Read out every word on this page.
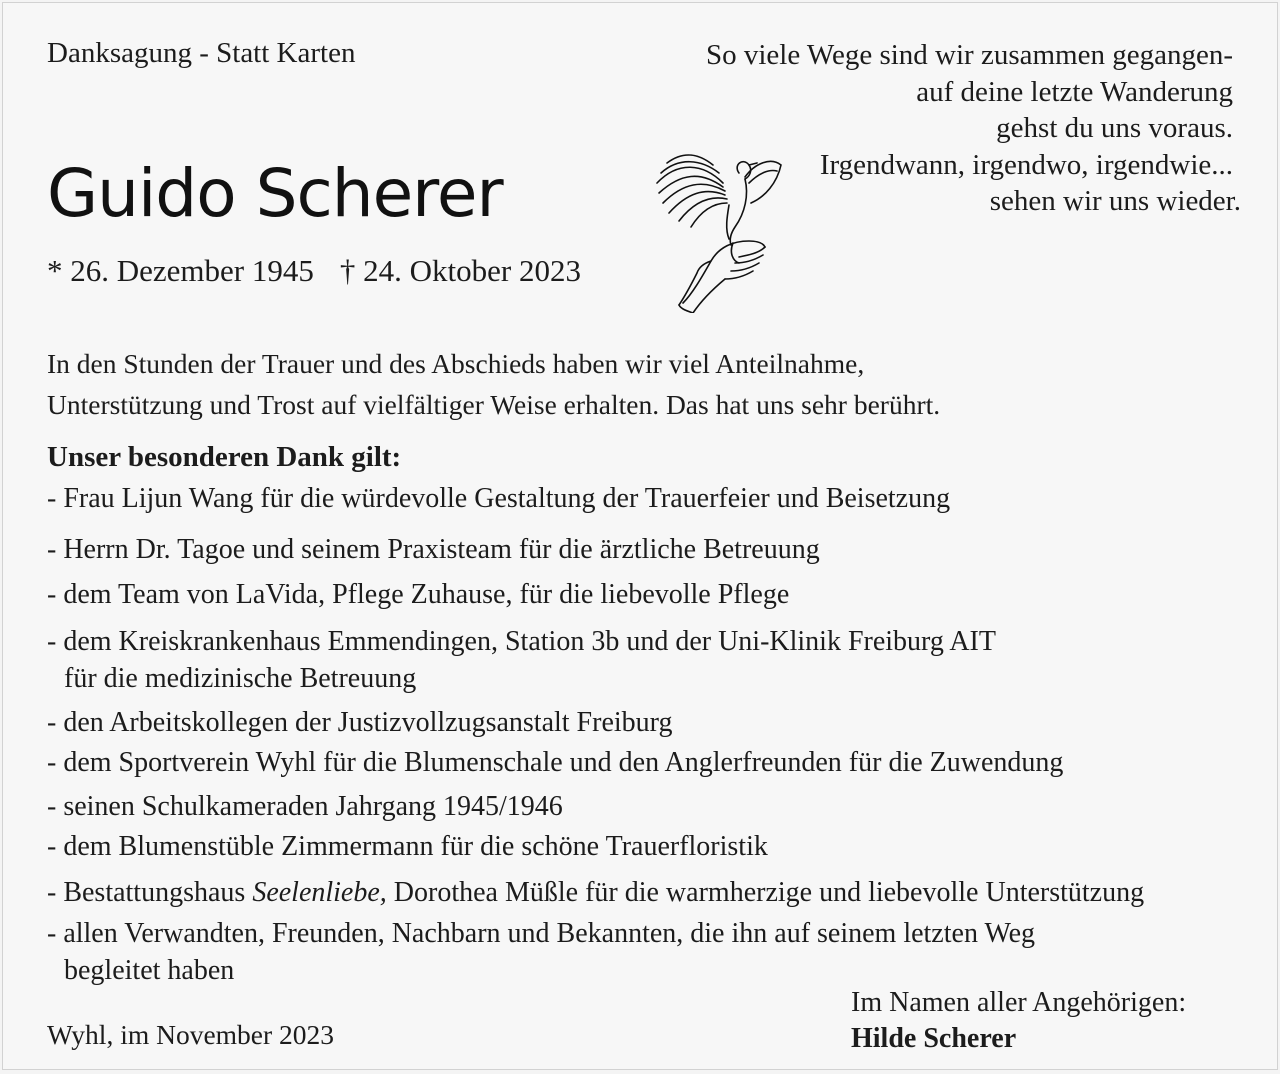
Danksagung - Statt Karten	So viele Wege sind wir zusammen gegangen-
auf deine letzte Wanderung
gehst du uns voraus.
Irgendwann, irgendwo, irgendwie...
sehen wir uns wieder.
Guido Scherer
* 26. Dezember 1945 † 24. Oktober 2023
In den Stunden der Trauer und des Abschieds haben wir viel Anteilnahme,
Unterstützung und Trost auf vielfältiger Weise erhalten. Das hat uns sehr berührt.
Unser besonderen Dank gilt:
- Frau Lijun Wang für die würdevolle Gestaltung der Trauerfeier und Beisetzung
- Herrn Dr. Tagoe und seinem Praxisteam für die ärztliche Betreuung
- dem Team von LaVida, Pflege Zuhause, für die liebevolle Pflege
- dem Kreiskrankenhaus Emmendingen, Station 3b und der Uni-Klinik Freiburg AIT
für die medizinische Betreuung
- den Arbeitskollegen der Justizvollzugsanstalt Freiburg
- dem Sportverein Wyhl für die Blumenschale und den Anglerfreunden für die Zuwendung
- seinen Schulkameraden Jahrgang 1945/1946
- dem Blumenstüble Zimmermann für die schöne Trauerfloristik
- Bestattungshaus Seelenliebe, Dorothea Müßle für die warmherzige und liebevolle Unterstützung
- allen Verwandten, Freunden, Nachbarn und Bekannten, die ihn auf seinem letzten Weg
begleitet haben
Wyhl, im November 2023
Im Namen aller Angehörigen:
Hilde Scherer
